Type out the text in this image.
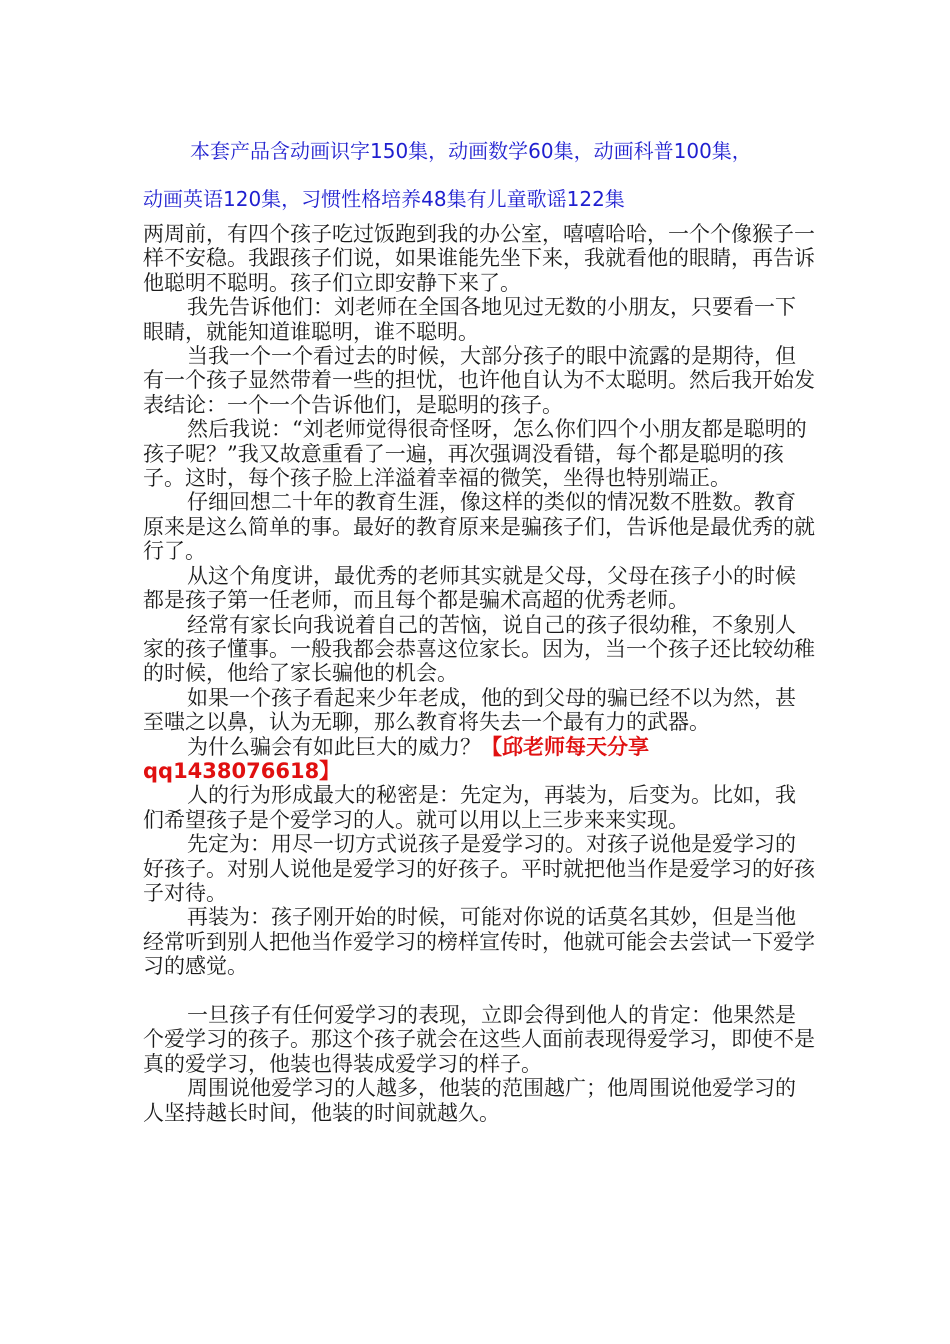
本套产品含动画识字150集，动画数学60集，动画科普100集，
动画英语120集，习惯性格培养48集有儿童歌谣122集

两周前，有四个孩子吃过饭跑到我的办公室，嘻嘻哈哈，一个个像猴子一样不安稳。我跟孩子们说，如果谁能先坐下来，我就看他的眼睛，再告诉他聪明不聪明。孩子们立即安静下来了。

我先告诉他们：刘老师在全国各地见过无数的小朋友，只要看一下眼睛，就能知道谁聪明，谁不聪明。

当我一个一个看过去的时候，大部分孩子的眼中流露的是期待，但有一个孩子显然带着一些的担忧，也许他自认为不太聪明。然后我开始发表结论：一个一个告诉他们，是聪明的孩子。

然后我说：“刘老师觉得很奇怪呀，怎么你们四个小朋友都是聪明的孩子呢？”我又故意重看了一遍，再次强调没看错，每个都是聪明的孩子。这时，每个孩子脸上洋溢着幸福的微笑，坐得也特别端正。

仔细回想二十年的教育生涯，像这样的类似的情况数不胜数。教育原来是这么简单的事。最好的教育原来是骗孩子们，告诉他是最优秀的就行了。

从这个角度讲，最优秀的老师其实就是父母，父母在孩子小的时候都是孩子第一任老师，而且每个都是骗术高超的优秀老师。

经常有家长向我说着自己的苦恼，说自己的孩子很幼稚，不象别人家的孩子懂事。一般我都会恭喜这位家长。因为，当一个孩子还比较幼稚的时候，他给了家长骗他的机会。

如果一个孩子看起来少年老成，他的到父母的骗已经不以为然，甚至嗤之以鼻，认为无聊，那么教育将失去一个最有力的武器。

为什么骗会有如此巨大的威力？【邱老师每天分享qq1438076618】

人的行为形成最大的秘密是：先定为，再装为，后变为。比如，我们希望孩子是个爱学习的人。就可以用以上三步来来实现。

先定为：用尽一切方式说孩子是爱学习的。对孩子说他是爱学习的好孩子。对别人说他是爱学习的好孩子。平时就把他当作是爱学习的好孩子对待。

再装为：孩子刚开始的时候，可能对你说的话莫名其妙，但是当他经常听到别人把他当作爱学习的榜样宣传时，他就可能会去尝试一下爱学习的感觉。

一旦孩子有任何爱学习的表现，立即会得到他人的肯定：他果然是个爱学习的孩子。那这个孩子就会在这些人面前表现得爱学习，即使不是真的爱学习，他装也得装成爱学习的样子。

周围说他爱学习的人越多，他装的范围越广；他周围说他爱学习的人坚持越长时间，他装的时间就越久。
